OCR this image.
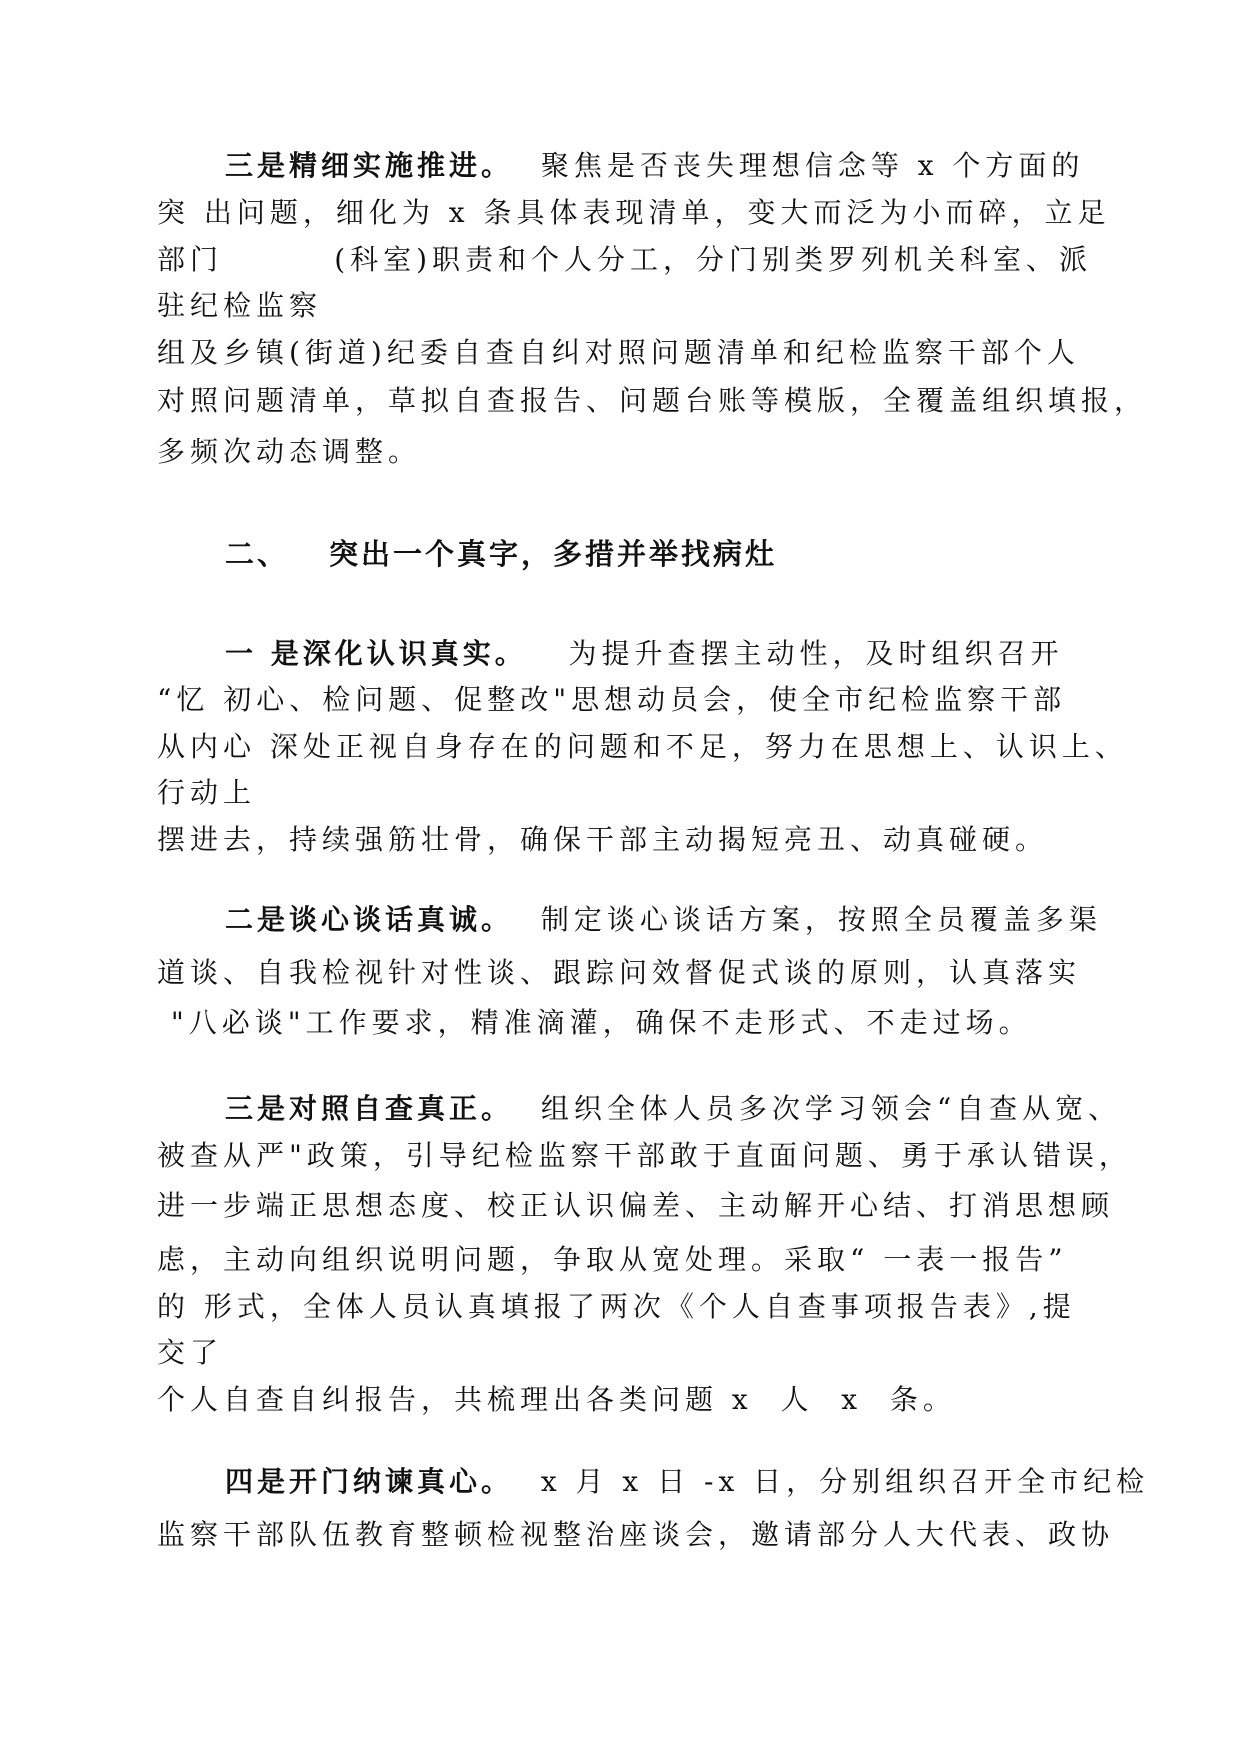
三是精细实施推进。 聚焦是否丧失理想信念等 x 个方面的
突 出问题，细化为 x 条具体表现清单，变大而泛为小而碎，立足
部门        (科室)职责和个人分工，分门别类罗列机关科室、派
驻纪检监察
组及乡镇(街道)纪委自查自纠对照问题清单和纪检监察干部个人
对照问题清单，草拟自查报告、问题台账等模版，全覆盖组织填报，
多频次动态调整。
二、 突出一个真字，多措并举找病灶
一 是深化认识真实。 为提升查摆主动性，及时组织召开
“忆 初心、检问题、促整改"思想动员会，使全市纪检监察干部
从内心 深处正视自身存在的问题和不足，努力在思想上、认识上、
行动上
摆进去，持续强筋壮骨，确保干部主动揭短亮丑、动真碰硬。
二是谈心谈话真诚。 制定谈心谈话方案，按照全员覆盖多渠
道谈、自我检视针对性谈、跟踪问效督促式谈的原则，认真落实
"八必谈"工作要求，精准滴灌，确保不走形式、不走过场。
三是对照自查真正。 组织全体人员多次学习领会“自查从宽、
被查从严"政策，引导纪检监察干部敢于直面问题、勇于承认错误，
进一步端正思想态度、校正认识偏差、主动解开心结、打消思想顾
虑，主动向组织说明问题，争取从宽处理。采取“ 一表一报告”
的 形式，全体人员认真填报了两次《个人自查事项报告表》,提
交了
个人自查自纠报告，共梳理出各类问题 x  人  x  条。
四是开门纳谏真心。 x 月 x 日 -x 日，分别组织召开全市纪检
监察干部队伍教育整顿检视整治座谈会，邀请部分人大代表、政协
